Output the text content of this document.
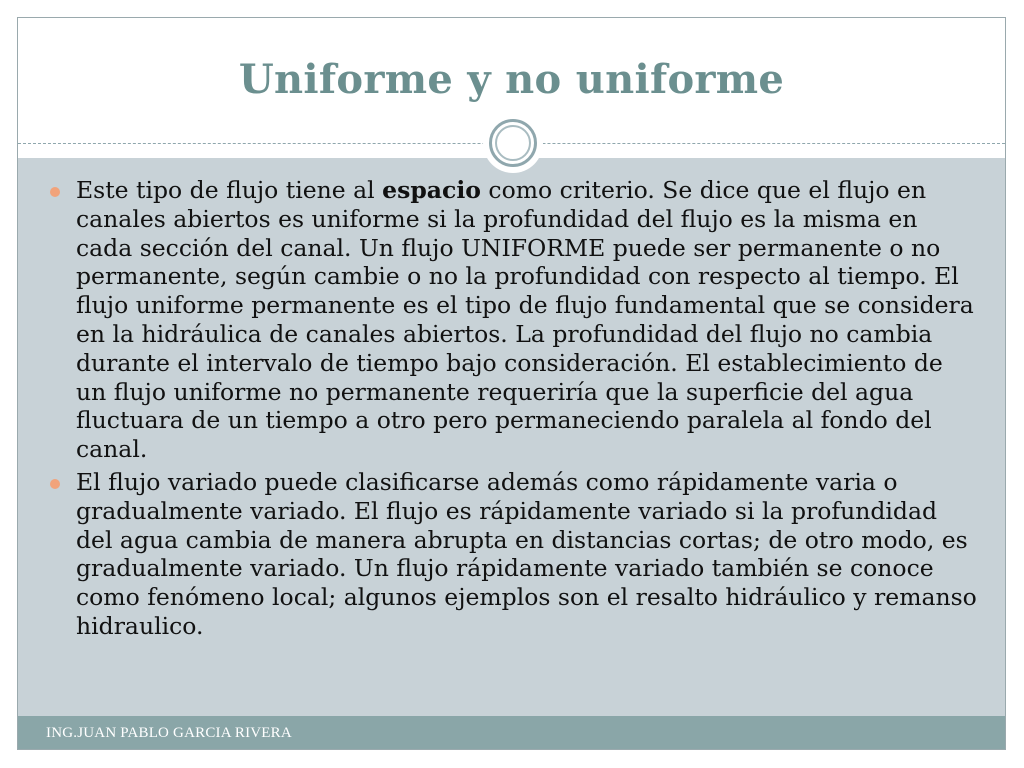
Uniforme y no uniforme
Este tipo de flujo tiene al espacio como criterio. Se dice que el flujo en canales abiertos es uniforme si la profundidad del flujo es la misma en cada sección del canal. Un flujo UNIFORME puede ser permanente o no permanente, según cambie o no la profundidad con respecto al tiempo. El flujo uniforme permanente es el tipo de flujo fundamental que se considera en la hidráulica de canales abiertos. La profundidad del flujo no cambia durante el intervalo de tiempo bajo consideración. El establecimiento de un flujo uniforme no permanente requeriría que la superficie del agua fluctuara de un tiempo a otro pero permaneciendo paralela al fondo del canal.
El flujo variado puede clasificarse además como rápidamente varia o gradualmente variado. El flujo es rápidamente variado si la profundidad del agua cambia de manera abrupta en distancias cortas; de otro modo, es gradualmente variado. Un flujo rápidamente variado también se conoce como fenómeno local; algunos ejemplos son el resalto hidráulico y remanso hidraulico.
ING.JUAN PABLO GARCIA RIVERA
